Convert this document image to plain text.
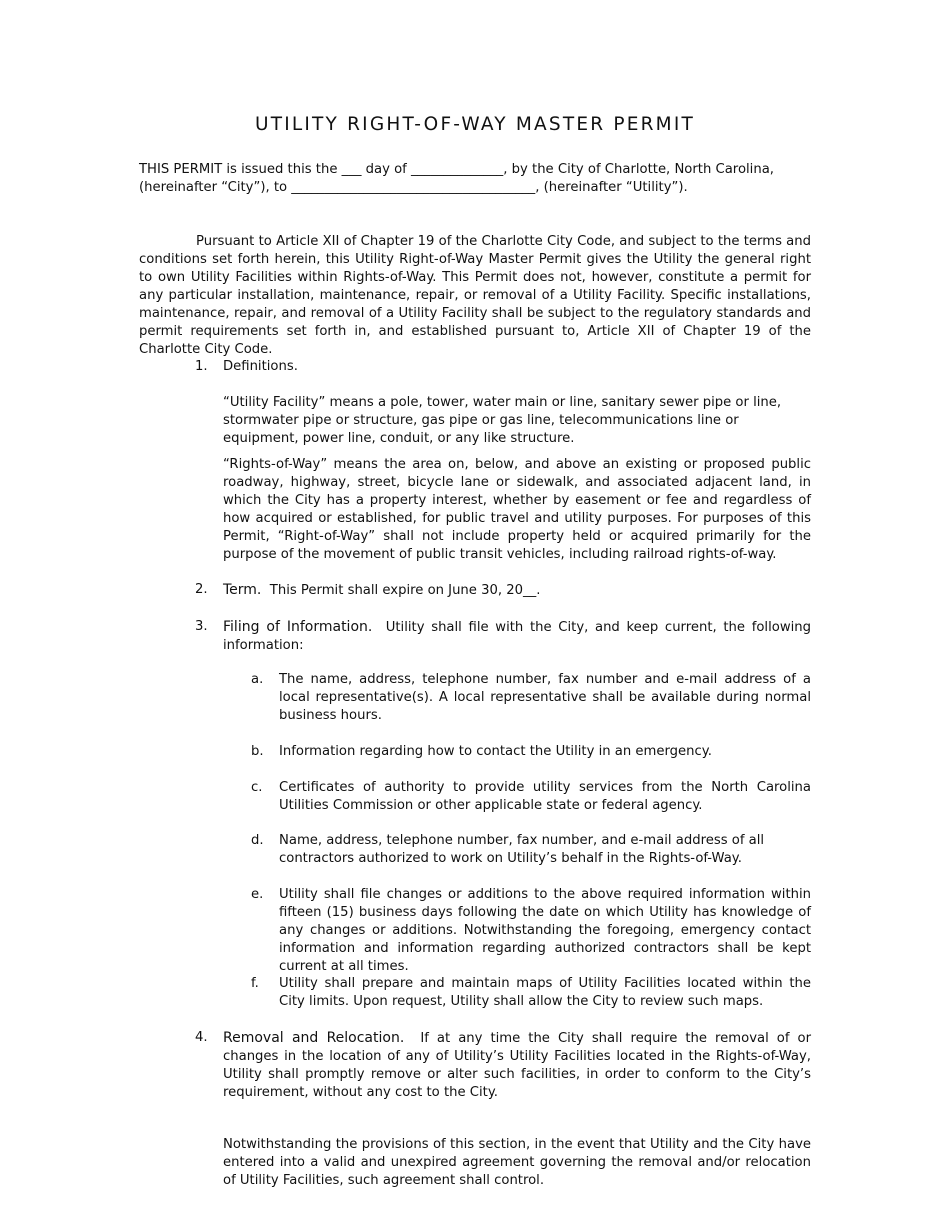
UTILITY RIGHT-OF-WAY MASTER PERMIT

THIS PERMIT is issued this the ___ day of ______________, by the City of Charlotte, North Carolina, (hereinafter “City”), to _____________________________________, (hereinafter “Utility”).

Pursuant to Article XII of Chapter 19 of the Charlotte City Code, and subject to the terms and conditions set forth herein, this Utility Right-of-Way Master Permit gives the Utility the general right to own Utility Facilities within Rights-of-Way. This Permit does not, however, constitute a permit for any particular installation, maintenance, repair, or removal of a Utility Facility. Specific installations, maintenance, repair, and removal of a Utility Facility shall be subject to the regulatory standards and permit requirements set forth in, and established pursuant to, Article XII of Chapter 19 of the Charlotte City Code.

1.	Definitions.

“Utility Facility” means a pole, tower, water main or line, sanitary sewer pipe or line, stormwater pipe or structure, gas pipe or gas line, telecommunications line or equipment, power line, conduit, or any like structure.

“Rights-of-Way” means the area on, below, and above an existing or proposed public roadway, highway, street, bicycle lane or sidewalk, and associated adjacent land, in which the City has a property interest, whether by easement or fee and regardless of how acquired or established, for public travel and utility purposes. For purposes of this Permit, “Right-of-Way” shall not include property held or acquired primarily for the purpose of the movement of public transit vehicles, including railroad rights-of-way.

2.	Term. This Permit shall expire on June 30, 20__.

3.	Filing of Information. Utility shall file with the City, and keep current, the following information:

a.	The name, address, telephone number, fax number and e-mail address of a local representative(s). A local representative shall be available during normal business hours.

b.	Information regarding how to contact the Utility in an emergency.

c.	Certificates of authority to provide utility services from the North Carolina Utilities Commission or other applicable state or federal agency.

d.	Name, address, telephone number, fax number, and e-mail address of all contractors authorized to work on Utility’s behalf in the Rights-of-Way.

e.	Utility shall file changes or additions to the above required information within fifteen (15) business days following the date on which Utility has knowledge of any changes or additions. Notwithstanding the foregoing, emergency contact information and information regarding authorized contractors shall be kept current at all times.

f.	Utility shall prepare and maintain maps of Utility Facilities located within the City limits. Upon request, Utility shall allow the City to review such maps.

4.	Removal and Relocation. If at any time the City shall require the removal of or changes in the location of any of Utility’s Utility Facilities located in the Rights-of-Way, Utility shall promptly remove or alter such facilities, in order to conform to the City’s requirement, without any cost to the City.

Notwithstanding the provisions of this section, in the event that Utility and the City have entered into a valid and unexpired agreement governing the removal and/or relocation of Utility Facilities, such agreement shall control.
